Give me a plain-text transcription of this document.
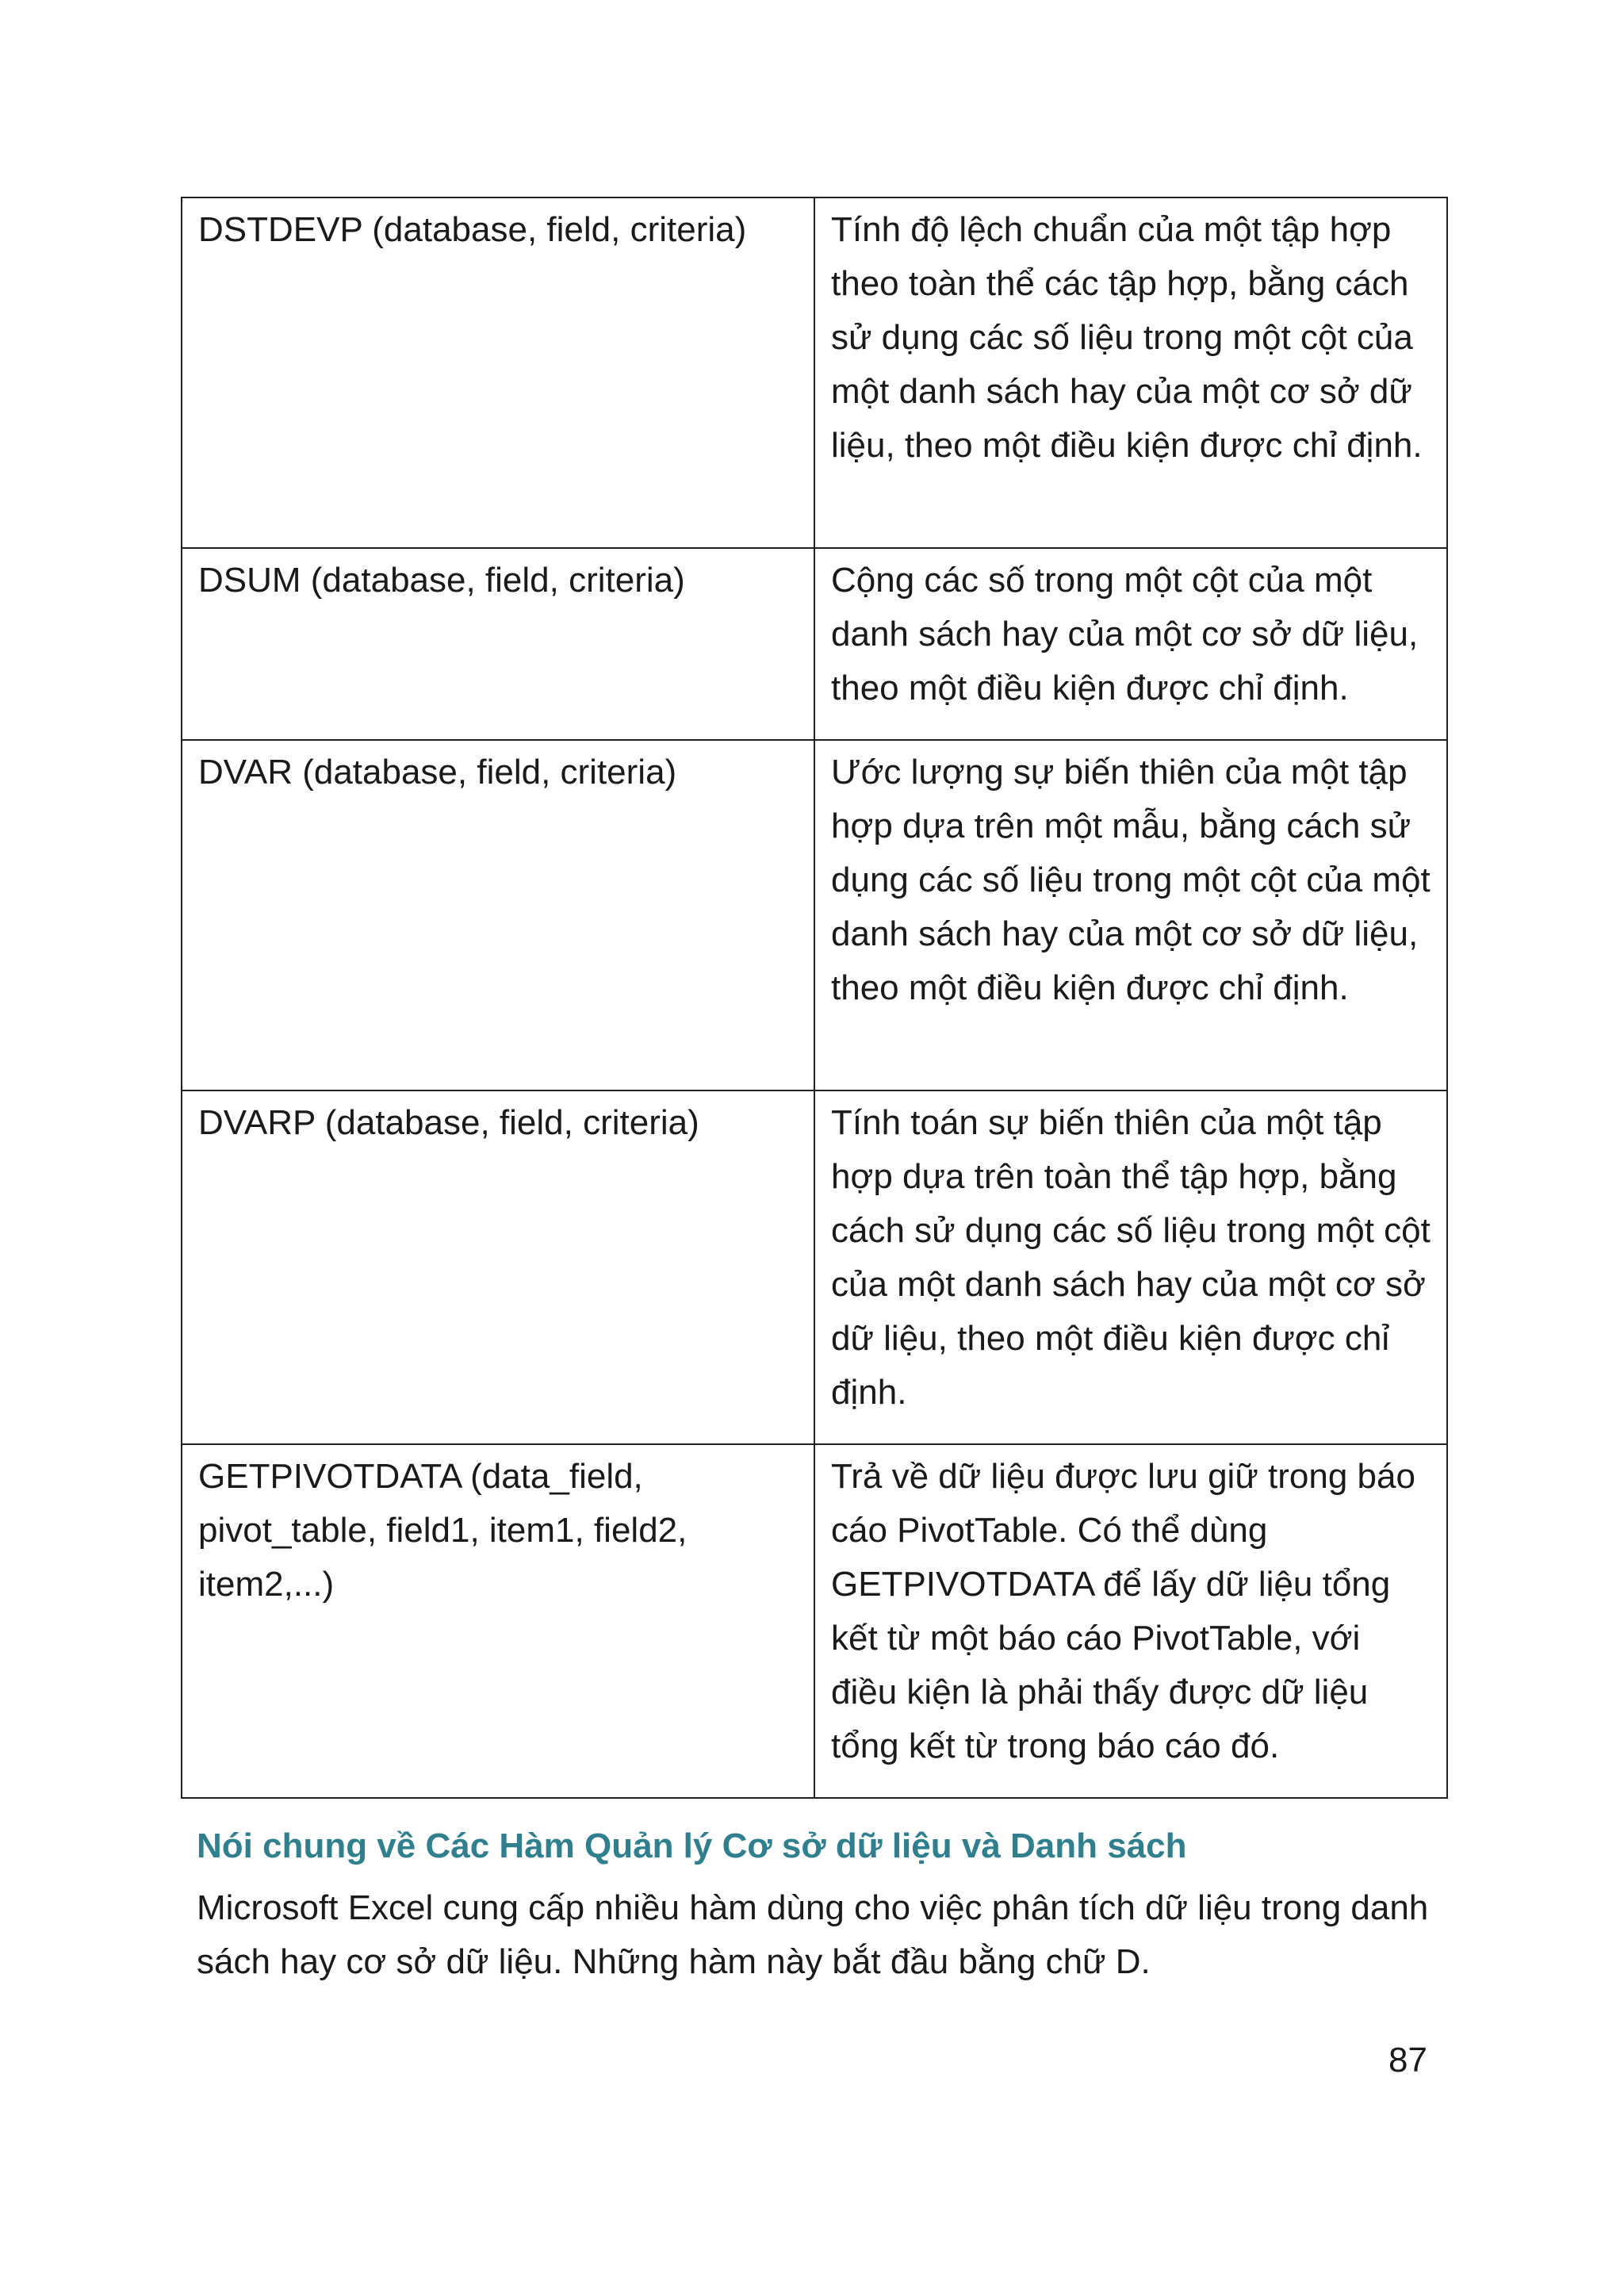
DSTDEVP (database, field, criteria)	Tính độ lệch chuẩn của một tập hợp theo toàn thể các tập hợp, bằng cách sử dụng các số liệu trong một cột của một danh sách hay của một cơ sở dữ liệu, theo một điều kiện được chỉ định.
DSUM (database, field, criteria)	Cộng các số trong một cột của một danh sách hay của một cơ sở dữ liệu, theo một điều kiện được chỉ định.
DVAR (database, field, criteria)	Ước lượng sự biến thiên của một tập hợp dựa trên một mẫu, bằng cách sử dụng các số liệu trong một cột của một danh sách hay của một cơ sở dữ liệu, theo một điều kiện được chỉ định.
DVARP (database, field, criteria)	Tính toán sự biến thiên của một tập hợp dựa trên toàn thể tập hợp, bằng cách sử dụng các số liệu trong một cột của một danh sách hay của một cơ sở dữ liệu, theo một điều kiện được chỉ định.
GETPIVOTDATA (data_field, pivot_table, field1, item1, field2, item2,...)	Trả về dữ liệu được lưu giữ trong báo cáo PivotTable. Có thể dùng GETPIVOTDATA để lấy dữ liệu tổng kết từ một báo cáo PivotTable, với điều kiện là phải thấy được dữ liệu tổng kết từ trong báo cáo đó.
Nói chung về Các Hàm Quản lý Cơ sở dữ liệu và Danh sách
Microsoft Excel cung cấp nhiều hàm dùng cho việc phân tích dữ liệu trong danh sách hay cơ sở dữ liệu. Những hàm này bắt đầu bằng chữ D.
87
